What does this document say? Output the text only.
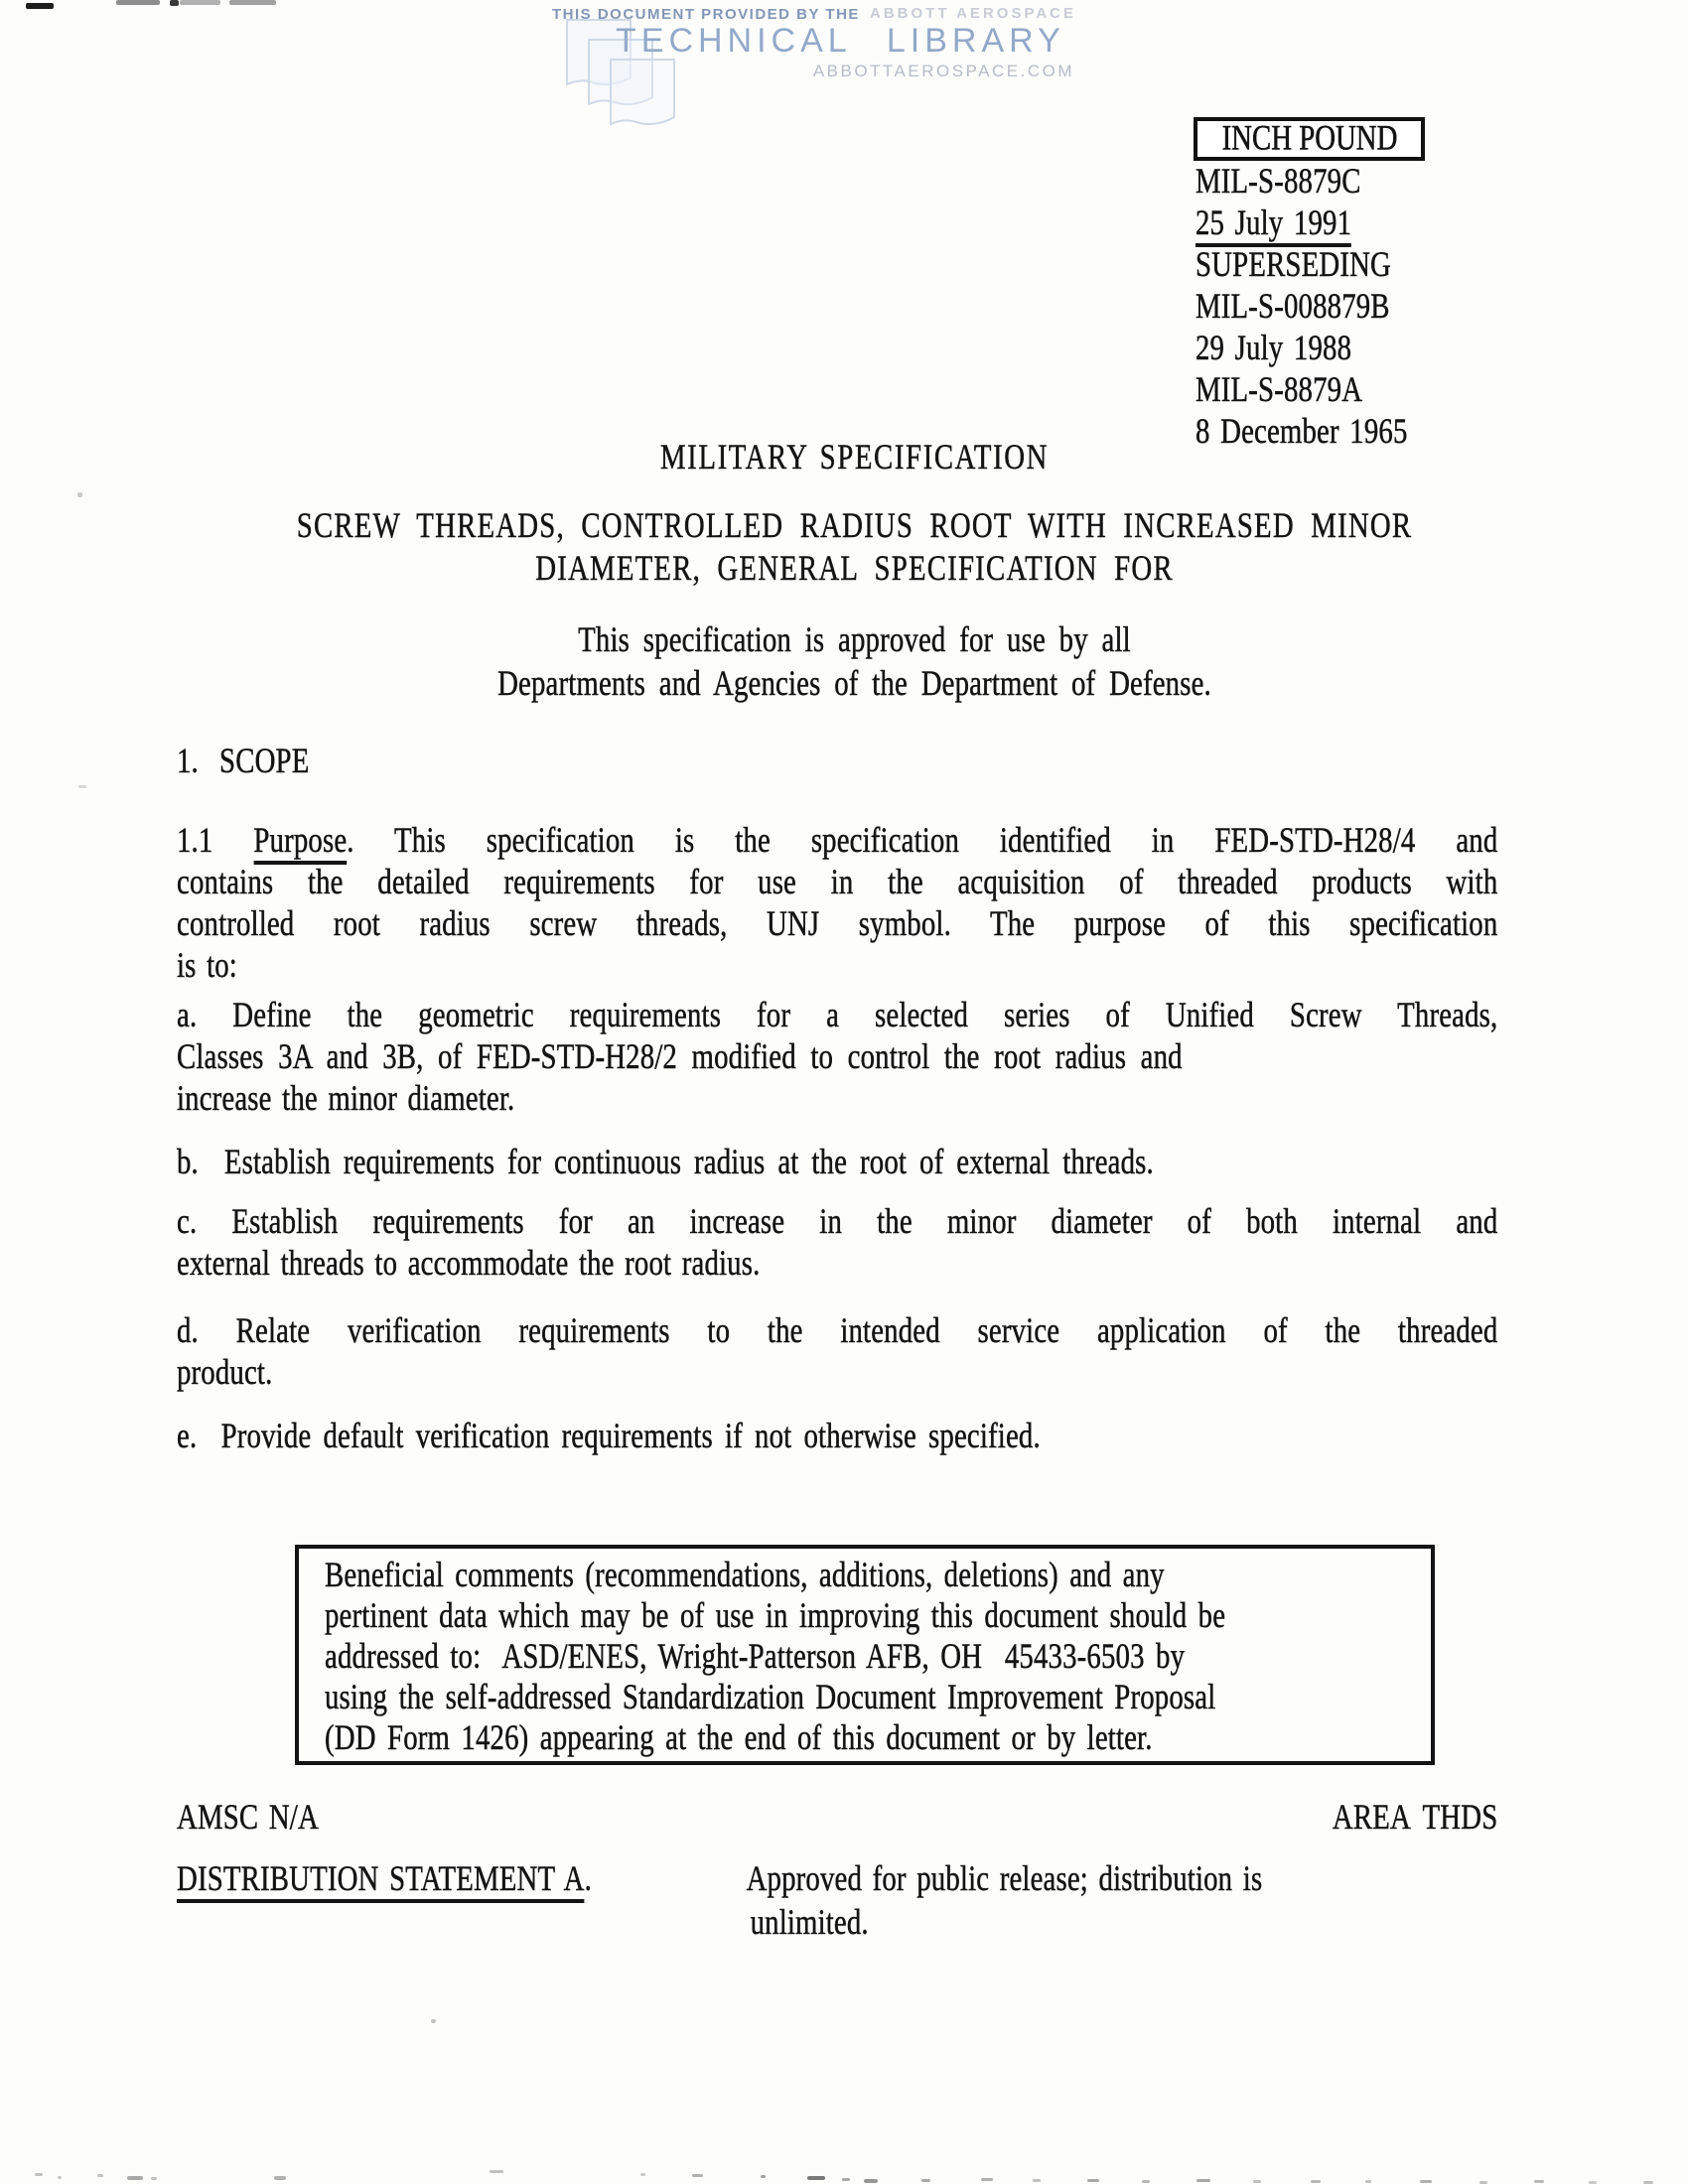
THIS DOCUMENT PROVIDED BY THE ABBOTT AEROSPACE
TECHNICAL LIBRARY
ABBOTTAEROSPACE.COM
INCH POUND
MIL-S-8879C
25 July 1991
SUPERSEDING
MIL-S-008879B
29 July 1988
MIL-S-8879A
8 December 1965
MILITARY SPECIFICATION
SCREW THREADS, CONTROLLED RADIUS ROOT WITH INCREASED MINOR
DIAMETER, GENERAL SPECIFICATION FOR
This specification is approved for use by all
Departments and Agencies of the Department of Defense.
1.  SCOPE
1.1 Purpose. This specification is the specification identified in FED-STD-H28/4 and
contains the detailed requirements for use in the acquisition of threaded products with
controlled root radius screw threads, UNJ symbol. The purpose of this specification
is to:
a. Define the geometric requirements for a selected series of Unified Screw Threads,
Classes 3A and 3B, of FED-STD-H28/2 modified to control the root radius and
increase the minor diameter.
b.  Establish requirements for continuous radius at the root of external threads.
c. Establish requirements for an increase in the minor diameter of both internal and
external threads to accommodate the root radius.
d. Relate verification requirements to the intended service application of the threaded
product.
e.  Provide default verification requirements if not otherwise specified.
Beneficial comments (recommendations, additions, deletions) and any
pertinent data which may be of use in improving this document should be
addressed to:  ASD/ENES, Wright-Patterson AFB, OH  45433-6503 by
using the self-addressed Standardization Document Improvement Proposal
(DD Form 1426) appearing at the end of this document or by letter.
AMSC N/A	AREA THDS
DISTRIBUTION STATEMENT A.	Approved for public release; distribution is
unlimited.
